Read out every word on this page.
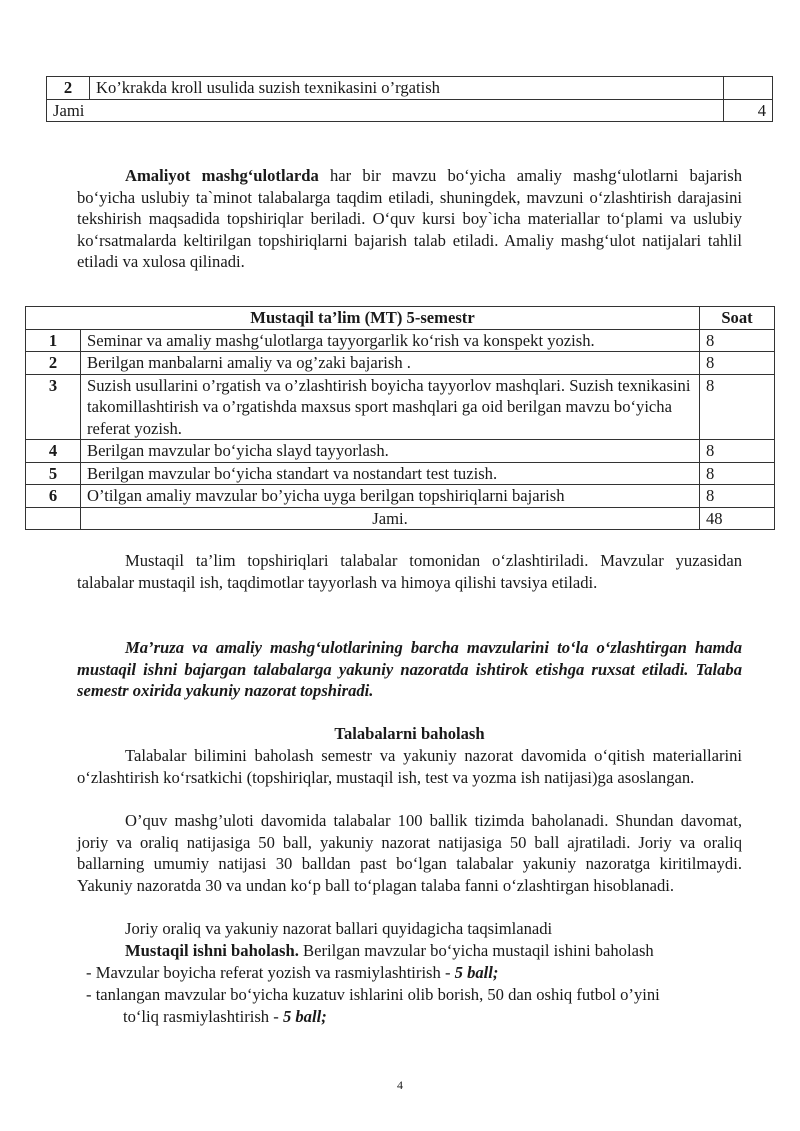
2	Ko’krakda kroll usulida suzish texnikasini o’rgatish	
Jami		4

Amaliyot mashg‘ulotlarda har bir mavzu bo‘yicha amaliy mashg‘ulotlarni bajarish bo‘yicha uslubiy ta`minot talabalarga taqdim etiladi, shuningdek, mavzuni o‘zlashtirish darajasini tekshirish maqsadida topshiriqlar beriladi. O‘quv kursi boy`icha materiallar to‘plami va uslubiy ko‘rsatmalarda keltirilgan topshiriqlarni bajarish talab etiladi. Amaliy mashg‘ulot natijalari tahlil etiladi va xulosa qilinadi.

Mustaqil ta’lim (MT) 5-semestr		Soat
1	Seminar va amaliy mashg‘ulotlarga tayyorgarlik ko‘rish va konspekt yozish.	8
2	Berilgan manbalarni amaliy va og’zaki bajarish .	8
3	Suzish usullarini o’rgatish va o’zlashtirish boyicha tayyorlov mashqlari. Suzish texnikasini takomillashtirish va o’rgatishda maxsus sport mashqlari ga oid berilgan mavzu bo‘yicha referat yozish.	8
4	Berilgan mavzular bo‘yicha slayd tayyorlash.	8
5	Berilgan mavzular bo‘yicha standart va nostandart test tuzish.	8
6	O’tilgan amaliy mavzular bo’yicha uyga berilgan topshiriqlarni bajarish	8
	Jami.	48

Mustaqil ta’lim topshiriqlari talabalar tomonidan o‘zlashtiriladi. Mavzular yuzasidan talabalar mustaqil ish, taqdimotlar tayyorlash va himoya qilishi tavsiya etiladi.

Ma’ruza va amaliy mashg‘ulotlarining barcha mavzularini to‘la o‘zlashtirgan hamda mustaqil ishni bajargan talabalarga yakuniy nazoratda ishtirok etishga ruxsat etiladi. Talaba semestr oxirida yakuniy nazorat topshiradi.

Talabalarni baholash

Talabalar bilimini baholash semestr va yakuniy nazorat davomida o‘qitish materiallarini o‘zlashtirish ko‘rsatkichi (topshiriqlar, mustaqil ish, test va yozma ish natijasi)ga asoslangan.

O’quv mashg’uloti davomida talabalar 100 ballik tizimda baholanadi. Shundan davomat, joriy va oraliq natijasiga 50 ball, yakuniy nazorat natijasiga 50 ball ajratiladi. Joriy va oraliq ballarning umumiy natijasi 30 balldan past bo‘lgan talabalar yakuniy nazoratga kiritilmaydi. Yakuniy nazoratda 30 va undan ko‘p ball to‘plagan talaba fanni o‘zlashtirgan hisoblanadi.

Joriy oraliq va yakuniy nazorat ballari quyidagicha taqsimlanadi

Mustaqil ishni baholash. Berilgan mavzular bo‘yicha mustaqil ishini baholash

- Mavzular boyicha referat yozish va rasmiylashtirish - 5 ball;

- tanlangan mavzular bo‘yicha kuzatuv ishlarini olib borish, 50 dan oshiq futbol o’yini
to‘liq rasmiylashtirish - 5 ball;

4
